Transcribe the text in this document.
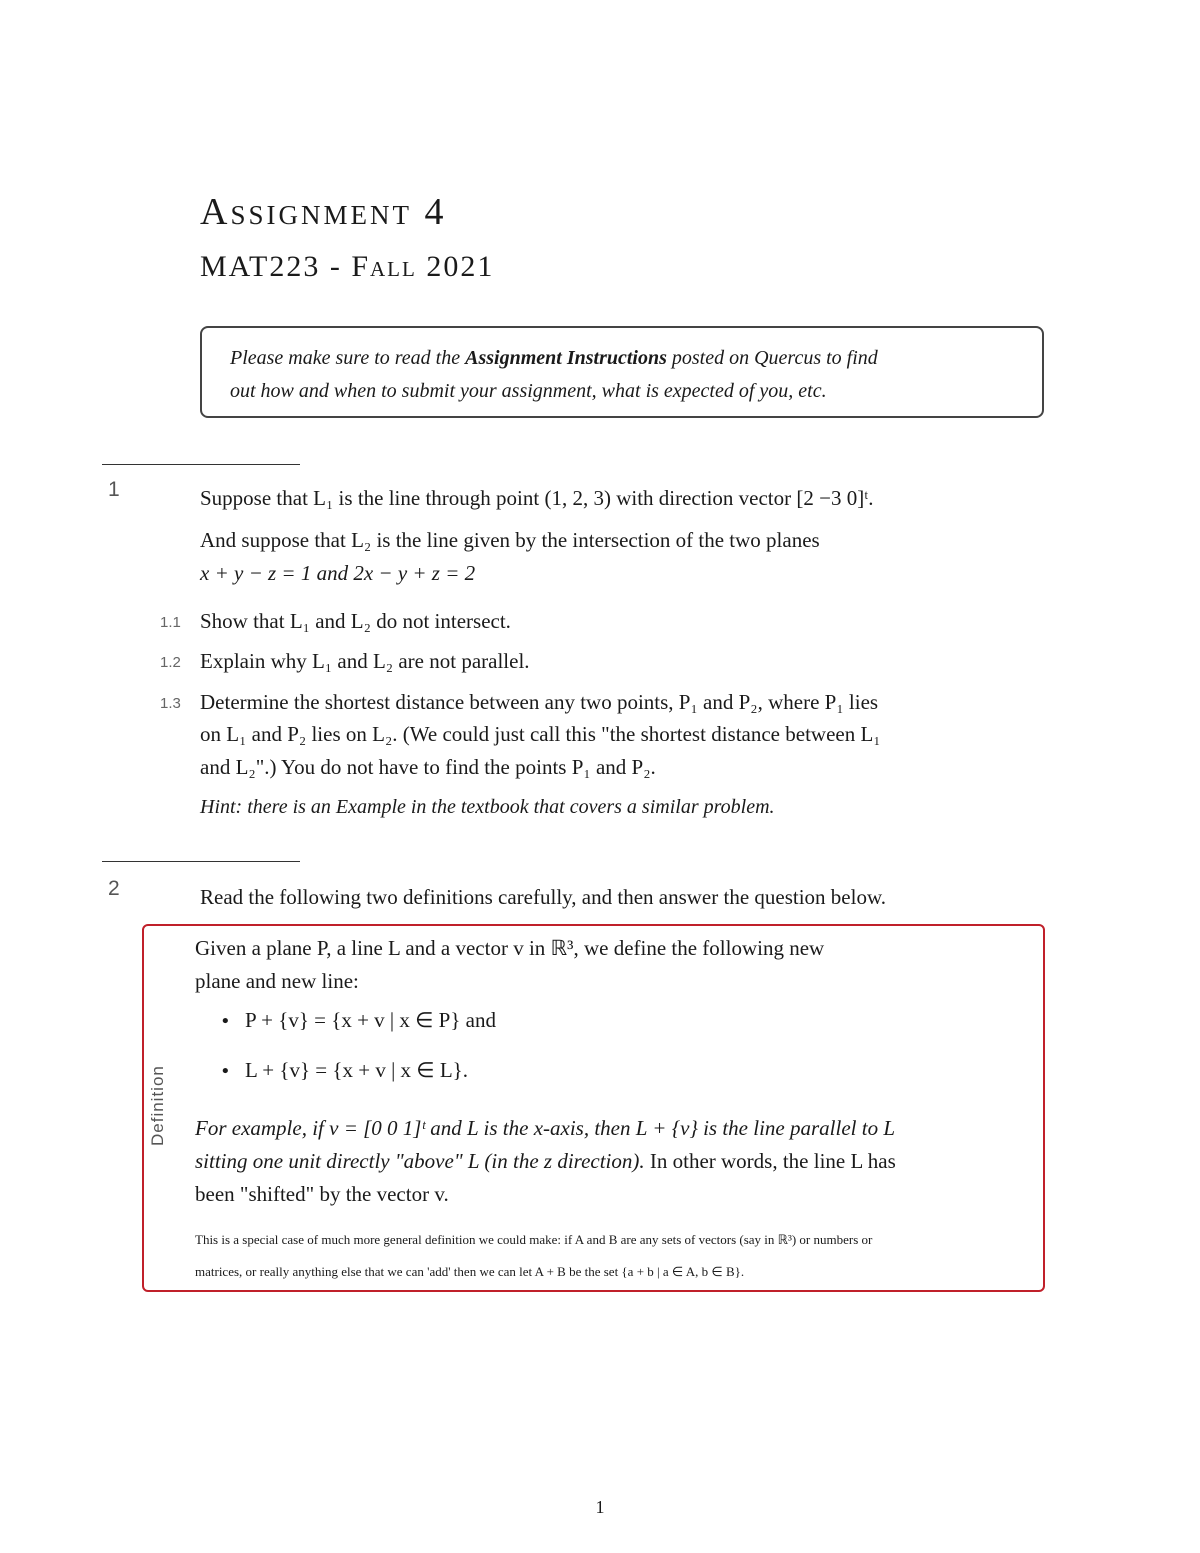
Assignment 4
MAT223 - Fall 2021
Please make sure to read the Assignment Instructions posted on Quercus to find
out how and when to submit your assignment, what is expected of you, etc.
1	Suppose that L₁ is the line through point (1, 2, 3) with direction vector [2 −3 0]ᵗ.
And suppose that L₂ is the line given by the intersection of the two planes
x + y − z = 1 and 2x − y + z = 2
1.1 Show that L₁ and L₂ do not intersect.
1.2 Explain why L₁ and L₂ are not parallel.
1.3 Determine the shortest distance between any two points, P₁ and P₂, where P₁ lies
on L₁ and P₂ lies on L₂. (We could just call this "the shortest distance between L₁
and L₂".) You do not have to find the points P₁ and P₂.
Hint: there is an Example in the textbook that covers a similar problem.
2	Read the following two definitions carefully, and then answer the question below.
Definition
Given a plane P, a line L and a vector v in ℝ³, we define the following new
plane and new line:
• P + {v} = {x + v | x ∈ P} and
• L + {v} = {x + v | x ∈ L}.
For example, if v = [0 0 1]ᵗ and L is the x-axis, then L + {v} is the line parallel to L
sitting one unit directly "above" L (in the z direction). In other words, the line L has
been "shifted" by the vector v.
This is a special case of much more general definition we could make: if A and B are any sets of vectors (say in ℝ³) or numbers or
matrices, or really anything else that we can 'add' then we can let A + B be the set {a + b | a ∈ A, b ∈ B}.
1
